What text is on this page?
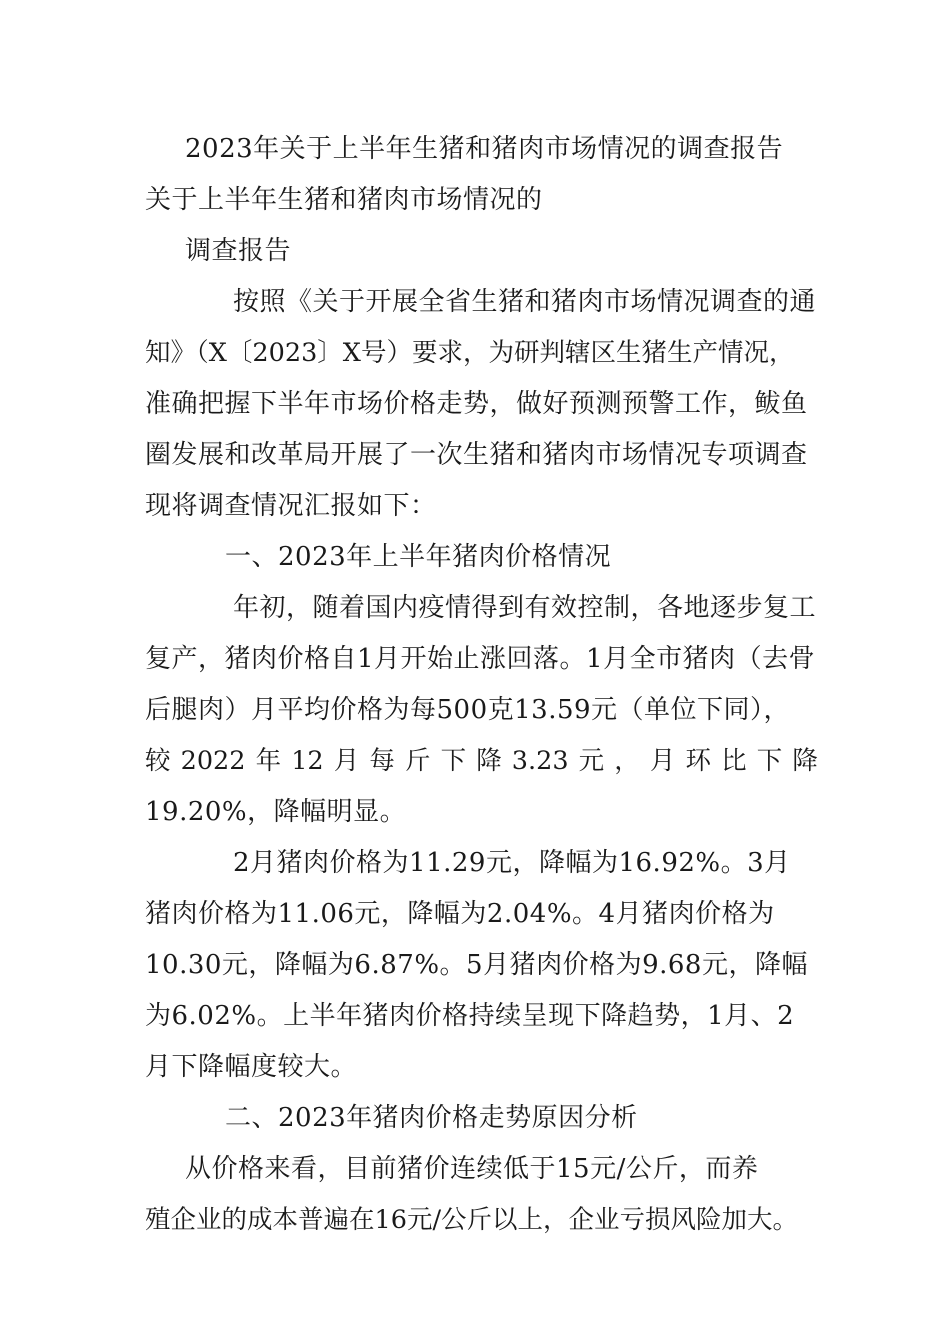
2023年关于上半年生猪和猪肉市场情况的调查报告
关于上半年生猪和猪肉市场情况的
调查报告
按照《关于开展全省生猪和猪肉市场情况调查的通
知》（X〔2023〕X号）要求，为研判辖区生猪生产情况，
准确把握下半年市场价格走势，做好预测预警工作，鲅鱼
圈发展和改革局开展了一次生猪和猪肉市场情况专项调查
现将调查情况汇报如下：
一、2023年上半年猪肉价格情况
年初，随着国内疫情得到有效控制，各地逐步复工
复产，猪肉价格自1月开始止涨回落。1月全市猪肉（去骨
后腿肉）月平均价格为每500克13.59元（单位下同），
较 2022 年 12 月 每 斤 下 降 3.23 元 ， 月 环 比 下 降
19.20%，降幅明显。
2月猪肉价格为11.29元，降幅为16.92%。3月
猪肉价格为11.06元，降幅为2.04%。4月猪肉价格为
10.30元，降幅为6.87%。5月猪肉价格为9.68元，降幅
为6.02%。上半年猪肉价格持续呈现下降趋势，1月、2
月下降幅度较大。
二、2023年猪肉价格走势原因分析
从价格来看，目前猪价连续低于15元/公斤，而养
殖企业的成本普遍在16元/公斤以上，企业亏损风险加大。
